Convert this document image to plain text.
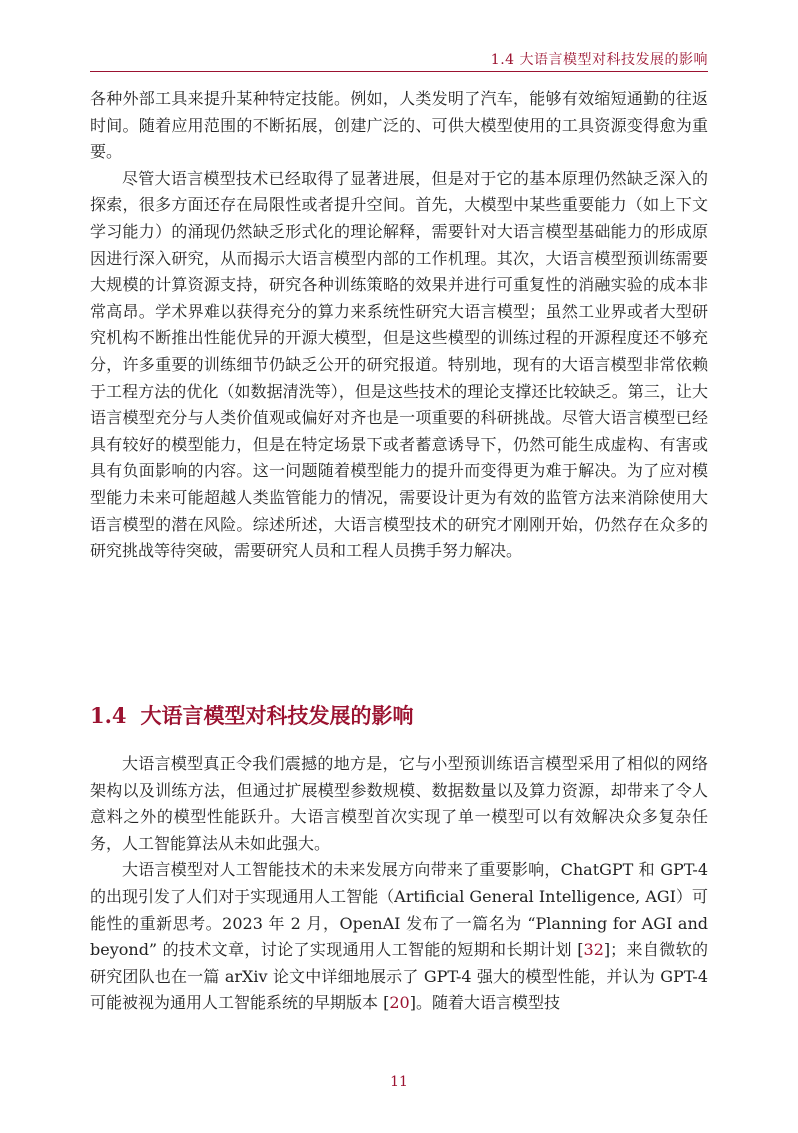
1.4 大语言模型对科技发展的影响

各种外部工具来提升某种特定技能。例如，人类发明了汽车，能够有效缩短通勤的往返时间。随着应用范围的不断拓展，创建广泛的、可供大模型使用的工具资源变得愈为重要。

尽管大语言模型技术已经取得了显著进展，但是对于它的基本原理仍然缺乏深入的探索，很多方面还存在局限性或者提升空间。首先，大模型中某些重要能力（如上下文学习能力）的涌现仍然缺乏形式化的理论解释，需要针对大语言模型基础能力的形成原因进行深入研究，从而揭示大语言模型内部的工作机理。其次，大语言模型预训练需要大规模的计算资源支持，研究各种训练策略的效果并进行可重复性的消融实验的成本非常高昂。学术界难以获得充分的算力来系统性研究大语言模型；虽然工业界或者大型研究机构不断推出性能优异的开源大模型，但是这些模型的训练过程的开源程度还不够充分，许多重要的训练细节仍缺乏公开的研究报道。特别地，现有的大语言模型非常依赖于工程方法的优化（如数据清洗等），但是这些技术的理论支撑还比较缺乏。第三，让大语言模型充分与人类价值观或偏好对齐也是一项重要的科研挑战。尽管大语言模型已经具有较好的模型能力，但是在特定场景下或者蓄意诱导下，仍然可能生成虚构、有害或具有负面影响的内容。这一问题随着模型能力的提升而变得更为难于解决。为了应对模型能力未来可能超越人类监管能力的情况，需要设计更为有效的监管方法来消除使用大语言模型的潜在风险。综述所述，大语言模型技术的研究才刚刚开始，仍然存在众多的研究挑战等待突破，需要研究人员和工程人员携手努力解决。

1.4 大语言模型对科技发展的影响

大语言模型真正令我们震撼的地方是，它与小型预训练语言模型采用了相似的网络架构以及训练方法，但通过扩展模型参数规模、数据数量以及算力资源，却带来了令人意料之外的模型性能跃升。大语言模型首次实现了单一模型可以有效解决众多复杂任务，人工智能算法从未如此强大。

大语言模型对人工智能技术的未来发展方向带来了重要影响，ChatGPT 和 GPT-4 的出现引发了人们对于实现通用人工智能（Artificial General Intelligence, AGI）可能性的重新思考。2023 年 2 月，OpenAI 发布了一篇名为 “Planning for AGI and beyond” 的技术文章，讨论了实现通用人工智能的短期和长期计划 [32]；来自微软的研究团队也在一篇 arXiv 论文中详细地展示了 GPT-4 强大的模型性能，并认为 GPT-4 可能被视为通用人工智能系统的早期版本 [20]。随着大语言模型技

11
